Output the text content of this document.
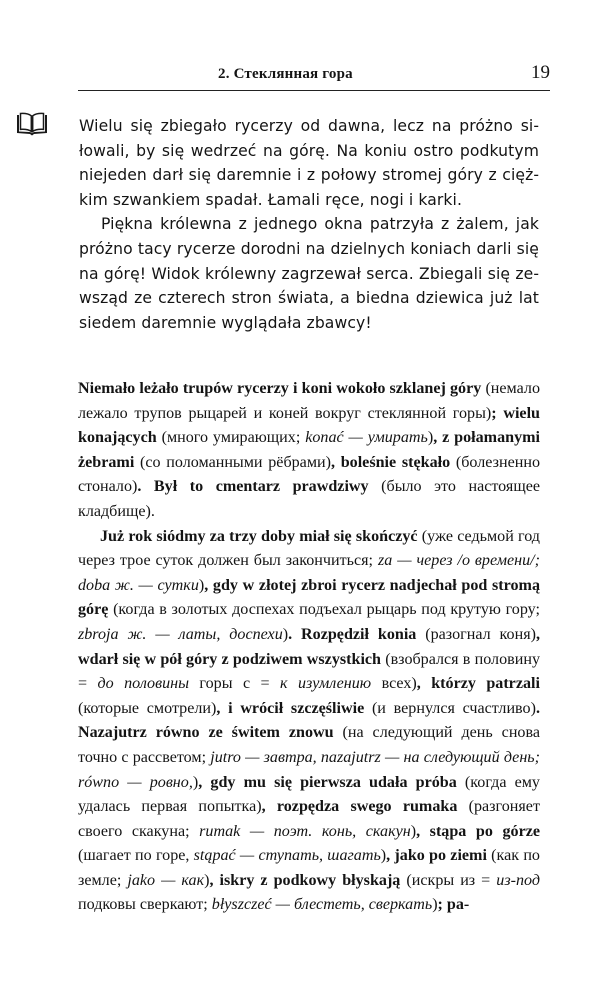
2. Стеклянная гора	19

Wielu się zbiegało rycerzy od dawna, lecz na próżno siłowali, by się wedrzeć na górę. Na koniu ostro podkutym niejeden darł się daremnie i z połowy stromej góry z ciężkim szwankiem spadał. Łamali ręce, nogi i karki.

Piękna królewna z jednego okna patrzyła z żalem, jak próżno tacy rycerze dorodni na dzielnych koniach darli się na górę! Widok królewny zagrzewał serca. Zbiegali się zewsząd ze czterech stron świata, a biedna dziewica już lat siedem daremnie wyglądała zbawcy!

Niemało leżało trupów rycerzy i koni wokoło szklanej góry (немало лежало трупов рыцарей и коней вокруг стеклянной горы); wielu konających (много умирающих; konać — умирать), z połamanymi żebrami (со поломанными рёбрами), boleśnie stękało (болезненно стонало). Był to cmentarz prawdziwy (было это настоящее кладбище).

Już rok siódmy za trzy doby miał się skończyć (уже седьмой год через трое суток должен был закончиться; za — через /о времени/; doba ж. — сутки), gdy w złotej zbroi rycerz nadjechał pod stromą górę (когда в золотых доспехах подъехал рыцарь под крутую гору; zbroja ж. — латы, доспехи). Rozpędził konia (разогнал коня), wdarł się w pół góry z podziwem wszystkich (взобрался в половину = до половины горы с = к изумлению всех), którzy patrzali (которые смотрели), i wrócił szczęśliwie (и вернулся счастливо). Nazajutrz równo ze świtem znowu (на следующий день снова точно с рассветом; jutro — завтра, nazajutrz — на следующий день; równo — ровно,), gdy mu się pierwsza udała próba (когда ему удалась первая попытка), rozpędza swego rumaka (разгоняет своего скакуна; rumak — поэт. конь, скакун), stąpa po górze (шагает по горе, stąpać — ступать, шагать), jako po ziemi (как по земле; jako — как), iskry z podkowy błyskają (искры из = из-под подковы сверкают; błyszczeć — блестеть, сверкать); pa-
